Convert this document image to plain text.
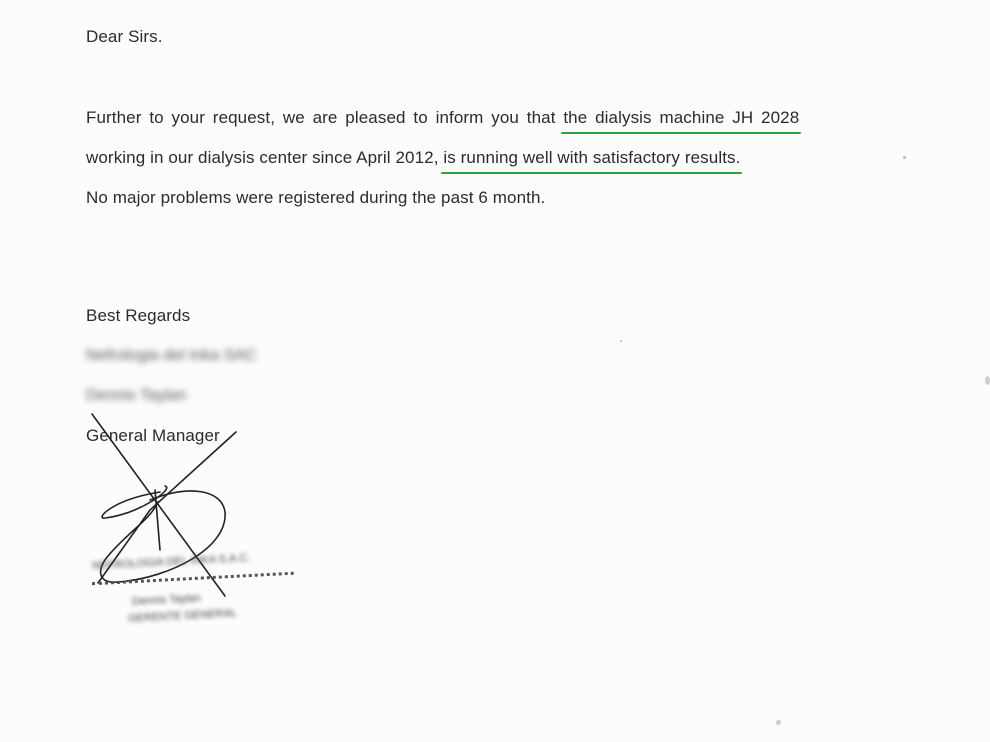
Dear Sirs.
Further to your request, we are pleased to inform you that the dialysis machine JH 2028
working in our dialysis center since April 2012, is running well with satisfactory results.
No major problems were registered during the past 6 month.
Best Regards
Nefrologia del Inka SAC
Dennis Taylan
General Manager
NEFROLOGIA DEL INKA S.A.C.
Dennis Taylan
GERENTE GENERAL
